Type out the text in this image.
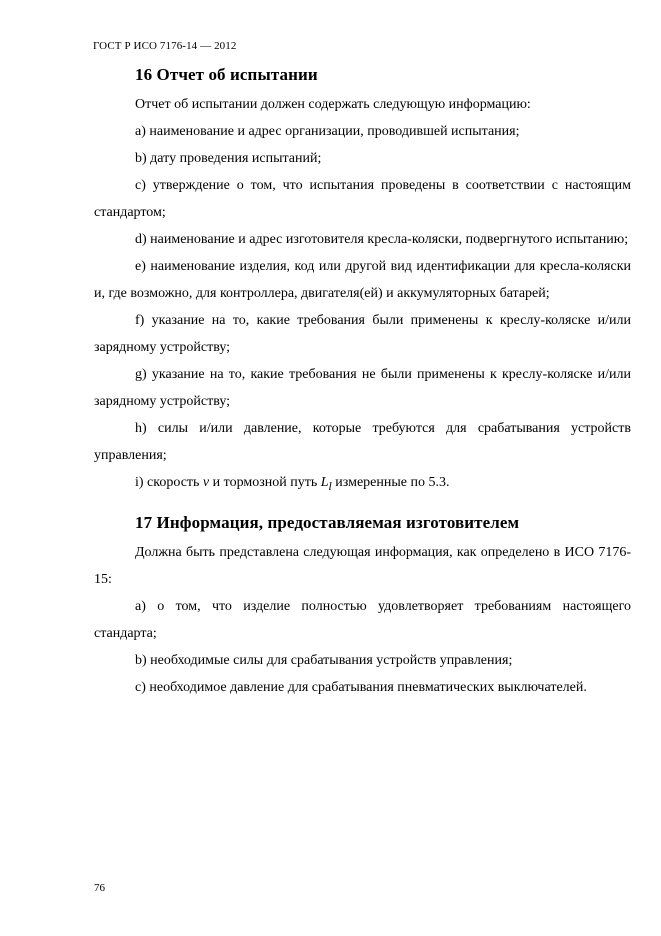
ГОСТ Р ИСО 7176-14 — 2012
16 Отчет об испытании

Отчет об испытании должен содержать следующую информацию:

а) наименование и адрес организации, проводившей испытания;

b) дату проведения испытаний;

с) утверждение о том, что испытания проведены в соответствии с настоящим стандартом;

d) наименование и адрес изготовителя кресла-коляски, подвергнутого испытанию;

е) наименование изделия, код или другой вид идентификации для кресла-коляски и, где возможно, для контроллера, двигателя(ей) и аккумуляторных батарей;

f) указание на то, какие требования были применены к креслу-коляске и/или зарядному устройству;

g) указание на то, какие требования не были применены к креслу-коляске и/или зарядному устройству;

h) силы и/или давление, которые требуются для срабатывания устройств управления;

i) скорость v и тормозной путь $L_l$ измеренные по 5.3.

17 Информация, предоставляемая изготовителем

Должна быть представлена следующая информация, как определено в ИСО 7176-15:

а) о том, что изделие полностью удовлетворяет требованиям настоящего стандарта;

b) необходимые силы для срабатывания устройств управления;

с) необходимое давление для срабатывания пневматических выключателей.

76
